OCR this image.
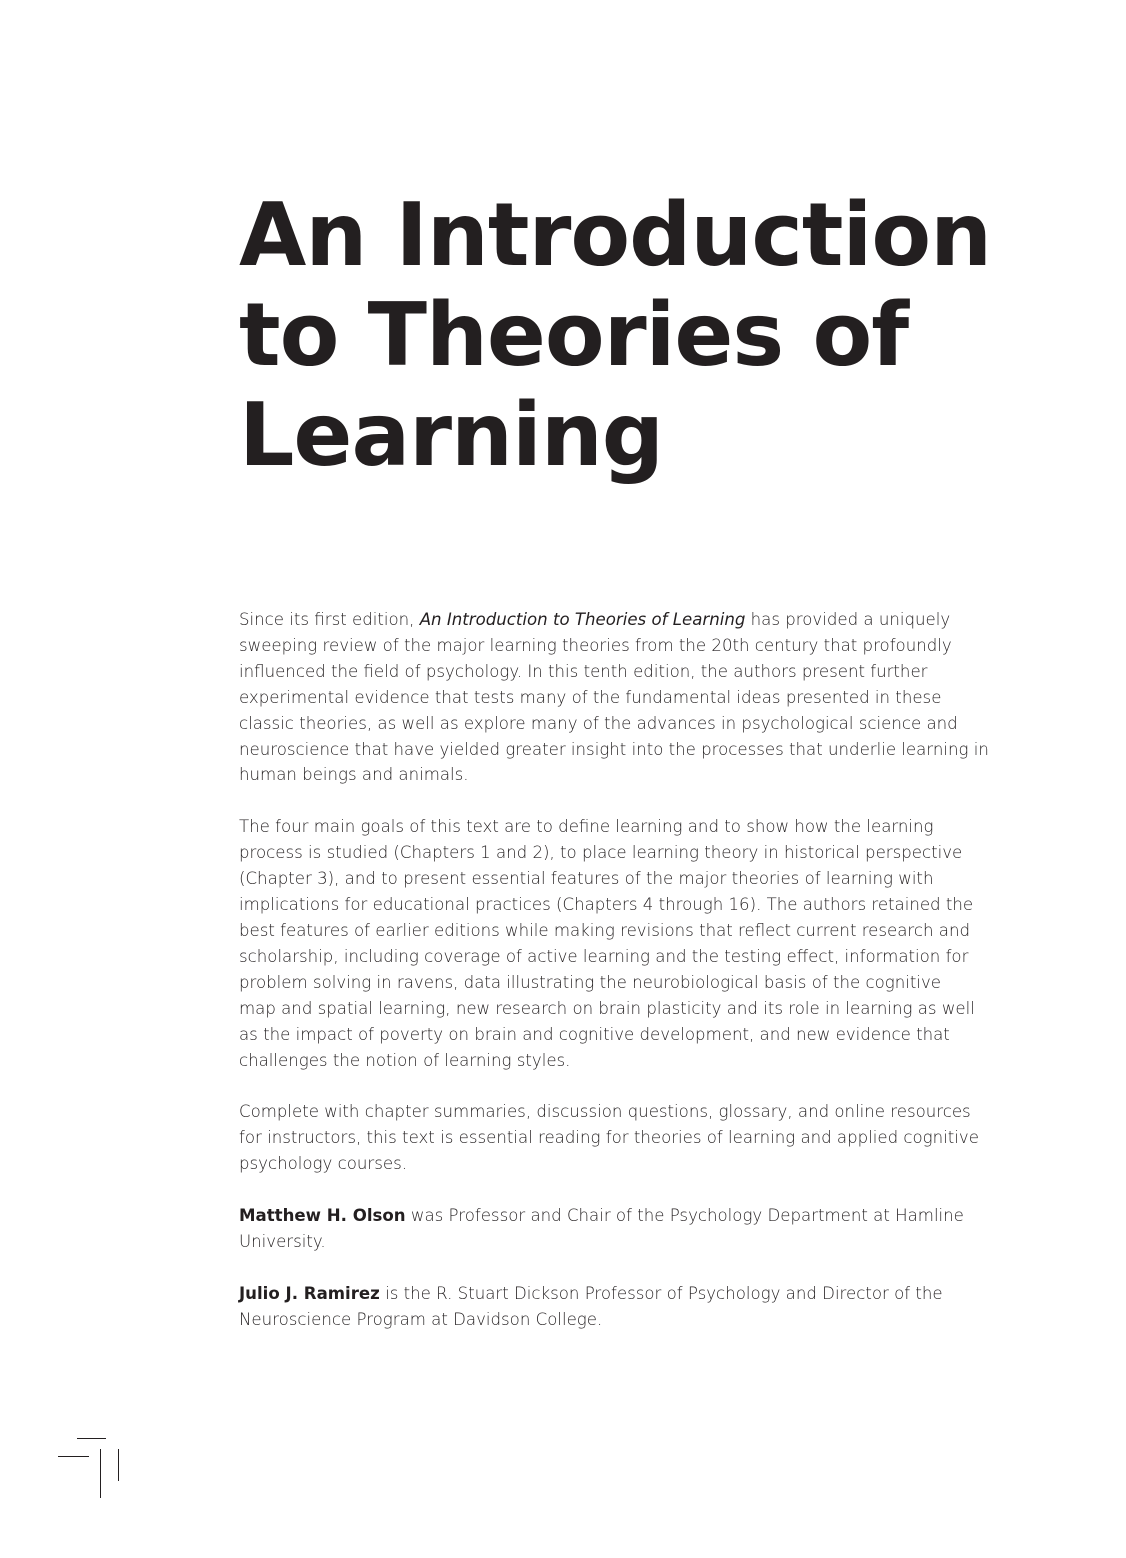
An Introduction
to Theories of
Learning

Since its first edition, An Introduction to Theories of Learning has provided a uniquely
sweeping review of the major learning theories from the 20th century that profoundly
influenced the field of psychology. In this tenth edition, the authors present further
experimental evidence that tests many of the fundamental ideas presented in these
classic theories, as well as explore many of the advances in psychological science and
neuroscience that have yielded greater insight into the processes that underlie learning in
human beings and animals.

The four main goals of this text are to define learning and to show how the learning
process is studied (Chapters 1 and 2), to place learning theory in historical perspective
(Chapter 3), and to present essential features of the major theories of learning with
implications for educational practices (Chapters 4 through 16). The authors retained the
best features of earlier editions while making revisions that reflect current research and
scholarship, including coverage of active learning and the testing effect, information for
problem solving in ravens, data illustrating the neurobiological basis of the cognitive
map and spatial learning, new research on brain plasticity and its role in learning as well
as the impact of poverty on brain and cognitive development, and new evidence that
challenges the notion of learning styles.

Complete with chapter summaries, discussion questions, glossary, and online resources
for instructors, this text is essential reading for theories of learning and applied cognitive
psychology courses.

Matthew H. Olson was Professor and Chair of the Psychology Department at Hamline
University.

Julio J. Ramirez is the R. Stuart Dickson Professor of Psychology and Director of the
Neuroscience Program at Davidson College.
